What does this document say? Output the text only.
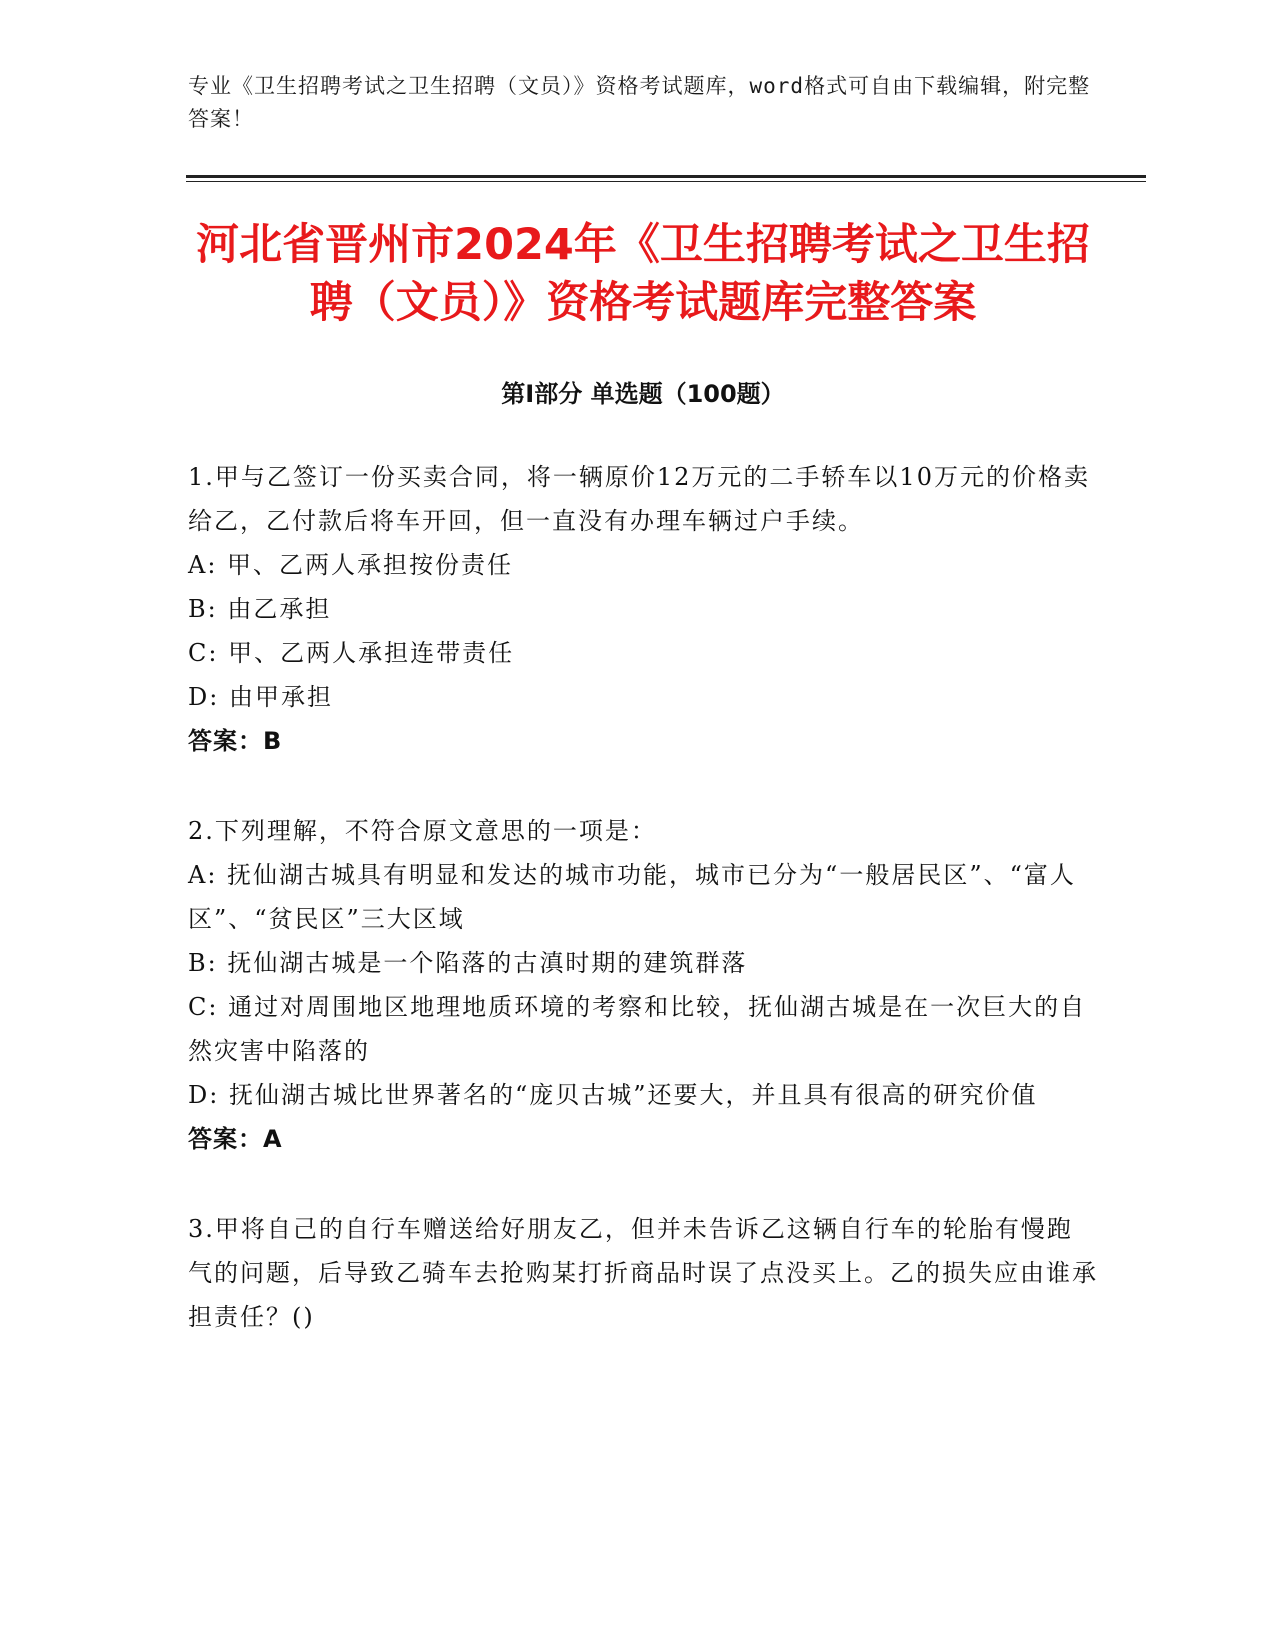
专业《卫生招聘考试之卫生招聘（文员）》资格考试题库，word格式可自由下载编辑，附完整答案！
河北省晋州市2024年《卫生招聘考试之卫生招聘（文员）》资格考试题库完整答案
第Ⅰ部分 单选题（100题）
1.甲与乙签订一份买卖合同，将一辆原价12万元的二手轿车以10万元的价格卖给乙，乙付款后将车开回，但一直没有办理车辆过户手续。
A: 甲、乙两人承担按份责任
B: 由乙承担
C: 甲、乙两人承担连带责任
D: 由甲承担
答案：B
2.下列理解，不符合原文意思的一项是：
A: 抚仙湖古城具有明显和发达的城市功能，城市已分为“一般居民区”、“富人区”、“贫民区”三大区域
B: 抚仙湖古城是一个陷落的古滇时期的建筑群落
C: 通过对周围地区地理地质环境的考察和比较，抚仙湖古城是在一次巨大的自然灾害中陷落的
D: 抚仙湖古城比世界著名的“庞贝古城”还要大，并且具有很高的研究价值
答案：A
3.甲将自己的自行车赠送给好朋友乙，但并未告诉乙这辆自行车的轮胎有慢跑气的问题，后导致乙骑车去抢购某打折商品时误了点没买上。乙的损失应由谁承担责任？()
